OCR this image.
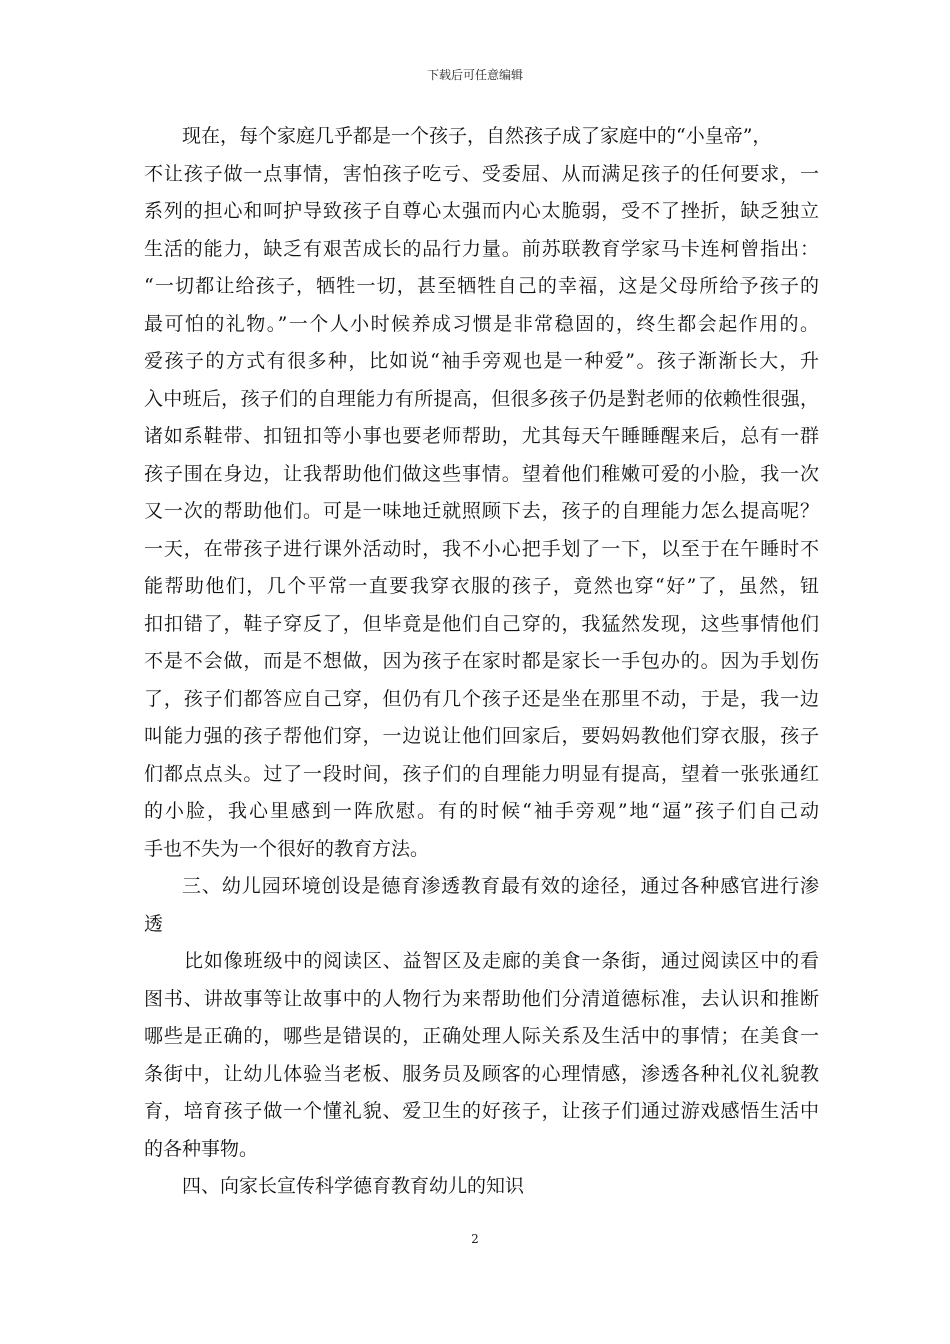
下载后可任意编辑
现在，每个家庭几乎都是一个孩子，自然孩子成了家庭中的“小皇帝”，
不让孩子做一点事情，害怕孩子吃亏、受委屈、从而满足孩子的任何要求，一
系列的担心和呵护导致孩子自尊心太强而内心太脆弱，受不了挫折，缺乏独立
生活的能力，缺乏有艰苦成长的品行力量。前苏联教育学家马卡连柯曾指出：
“一切都让给孩子，牺牲一切，甚至牺牲自己的幸福，这是父母所给予孩子的
最可怕的礼物。”一个人小时候养成习惯是非常稳固的，终生都会起作用的。
爱孩子的方式有很多种，比如说“袖手旁观也是一种爱”。孩子渐渐长大，升
入中班后，孩子们的自理能力有所提高，但很多孩子仍是對老师的依赖性很强，
诸如系鞋带、扣钮扣等小事也要老师帮助，尤其每天午睡睡醒来后，总有一群
孩子围在身边，让我帮助他们做这些事情。望着他们稚嫩可爱的小脸，我一次
又一次的帮助他们。可是一味地迁就照顾下去，孩子的自理能力怎么提高呢？
一天，在带孩子进行课外活动时，我不小心把手划了一下，以至于在午睡时不
能帮助他们，几个平常一直要我穿衣服的孩子，竟然也穿“好”了，虽然，钮
扣扣错了，鞋子穿反了，但毕竟是他们自己穿的，我猛然发现，这些事情他们
不是不会做，而是不想做，因为孩子在家时都是家长一手包办的。因为手划伤
了，孩子们都答应自己穿，但仍有几个孩子还是坐在那里不动，于是，我一边
叫能力强的孩子帮他们穿，一边说让他们回家后，要妈妈教他们穿衣服，孩子
们都点点头。过了一段时间，孩子们的自理能力明显有提高，望着一张张通红
的小脸，我心里感到一阵欣慰。有的时候“袖手旁观”地“逼”孩子们自己动
手也不失为一个很好的教育方法。
三、幼儿园环境创设是德育渗透教育最有效的途径，通过各种感官进行渗
透
比如像班级中的阅读区、益智区及走廊的美食一条街，通过阅读区中的看
图书、讲故事等让故事中的人物行为来帮助他们分清道德标准，去认识和推断
哪些是正确的，哪些是错误的，正确处理人际关系及生活中的事情；在美食一
条街中，让幼儿体验当老板、服务员及顾客的心理情感，渗透各种礼仪礼貌教
育，培育孩子做一个懂礼貌、爱卫生的好孩子，让孩子们通过游戏感悟生活中
的各种事物。
四、向家长宣传科学德育教育幼儿的知识
2
